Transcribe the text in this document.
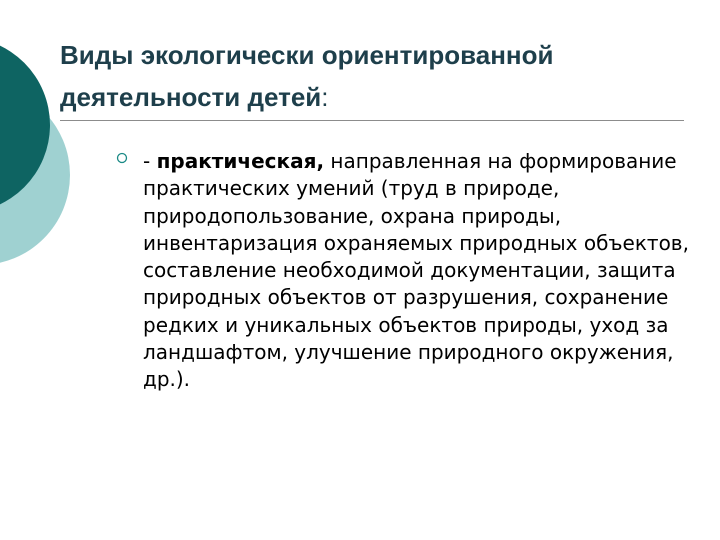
Виды экологически ориентированной деятельности детей:

- практическая, направленная на формирование практических умений (труд в природе, природопользование, охрана природы, инвентаризация охраняемых природных объектов, составление необходимой документации, защита природных объектов от разрушения, сохранение редких и уникальных объектов природы, уход за ландшафтом, улучшение природного окружения, др.).
